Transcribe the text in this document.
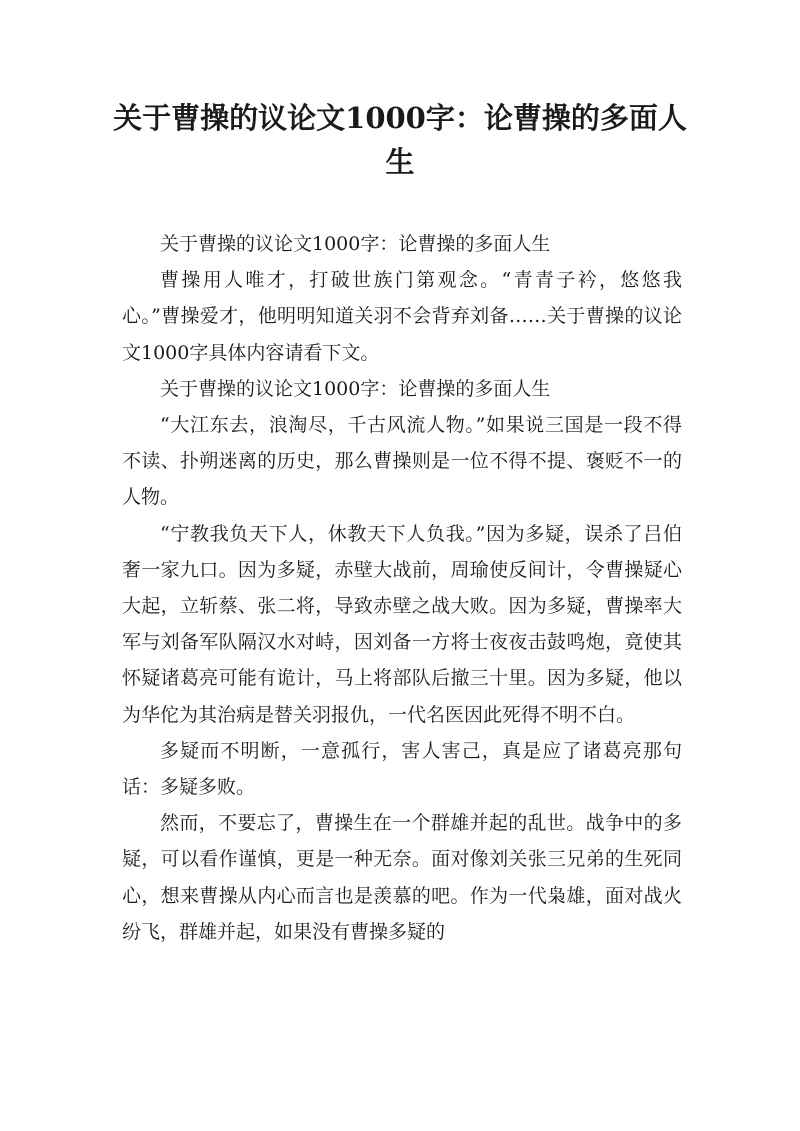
关于曹操的议论文1000字：论曹操的多面人生

关于曹操的议论文1000字：论曹操的多面人生

曹操用人唯才，打破世族门第观念。“青青子衿，悠悠我心。”曹操爱才，他明明知道关羽不会背弃刘备……关于曹操的议论文1000字具体内容请看下文。

关于曹操的议论文1000字：论曹操的多面人生

“大江东去，浪淘尽，千古风流人物。”如果说三国是一段不得不读、扑朔迷离的历史，那么曹操则是一位不得不提、褒贬不一的人物。

“宁教我负天下人，休教天下人负我。”因为多疑，误杀了吕伯奢一家九口。因为多疑，赤壁大战前，周瑜使反间计，令曹操疑心大起，立斩蔡、张二将，导致赤壁之战大败。因为多疑，曹操率大军与刘备军队隔汉水对峙，因刘备一方将士夜夜击鼓鸣炮，竟使其怀疑诸葛亮可能有诡计，马上将部队后撤三十里。因为多疑，他以为华佗为其治病是替关羽报仇，一代名医因此死得不明不白。

多疑而不明断，一意孤行，害人害己，真是应了诸葛亮那句话：多疑多败。

然而，不要忘了，曹操生在一个群雄并起的乱世。战争中的多疑，可以看作谨慎，更是一种无奈。面对像刘关张三兄弟的生死同心，想来曹操从内心而言也是羡慕的吧。作为一代枭雄，面对战火纷飞，群雄并起，如果没有曹操多疑的
